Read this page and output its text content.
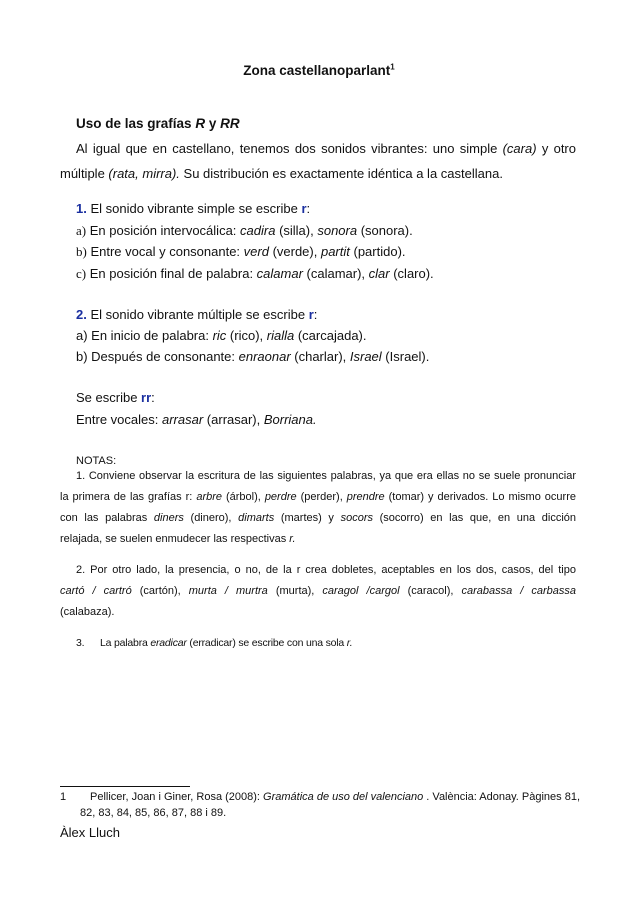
Zona castellanoparlant$^1$
Uso de las grafías R y RR
Al igual que en castellano, tenemos dos sonidos vibrantes: uno simple (cara) y otro
múltiple (rata, mirra). Su distribución es exactamente idéntica a la castellana.
1. El sonido vibrante simple se escribe r:
a) En posición intervocálica: cadira (silla), sonora (sonora).
b) Entre vocal y consonante: verd (verde), partit (partido).
c) En posición final de palabra: calamar (calamar), clar (claro).
2. El sonido vibrante múltiple se escribe r:
a) En inicio de palabra: ric (rico), rialla (carcajada).
b) Después de consonante: enraonar (charlar), Israel (Israel).
Se escribe rr:
Entre vocales: arrasar (arrasar), Borriana.
NOTAS:
1. Conviene observar la escritura de las siguientes palabras, ya que era ellas no se suele pronunciar
la primera de las grafías r: arbre (árbol), perdre (perder), prendre (tomar) y derivados. Lo mismo ocurre
con las palabras diners (dinero), dimarts (martes) y socors (socorro) en las que, en una dicción
relajada, se suelen enmudecer las respectivas r.
2. Por otro lado, la presencia, o no, de la r crea dobletes, aceptables en los dos, casos, del tipo
cartó / cartró (cartón), murta / murtra (murta), caragol /cargol (caracol), carabassa / carbassa
(calabaza).
3. La palabra eradicar (erradicar) se escribe con una sola r.
1 Pellicer, Joan i Giner, Rosa (2008): Gramática de uso del valenciano . València: Adonay. Pàgines 81,
82, 83, 84, 85, 86, 87, 88 i 89.
Àlex Lluch
